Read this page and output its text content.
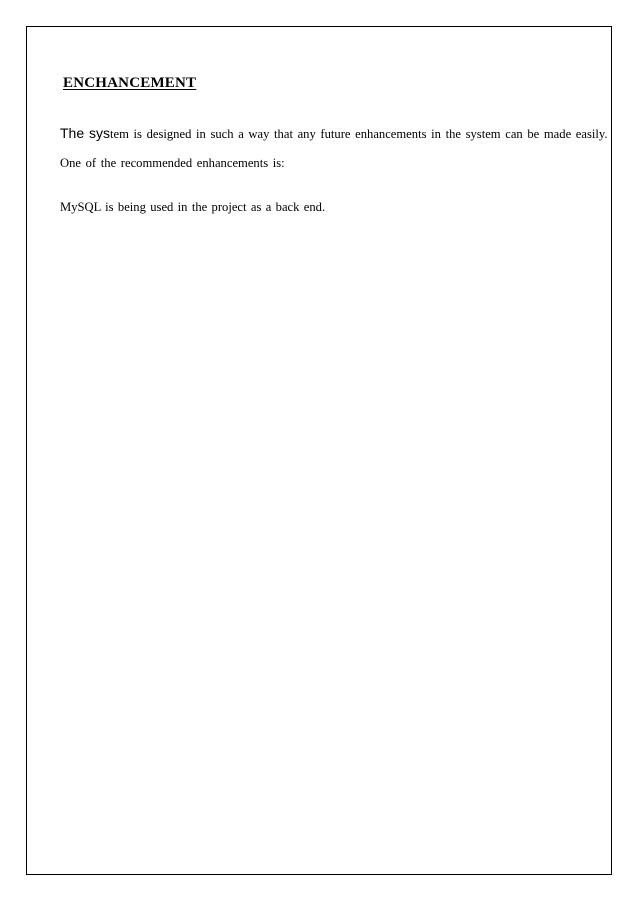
ENCHANCEMENT
The system is designed in such a way that any future enhancements in the system can be made easily.
One of the recommended enhancements is:
MySQL is being used in the project as a back end.
